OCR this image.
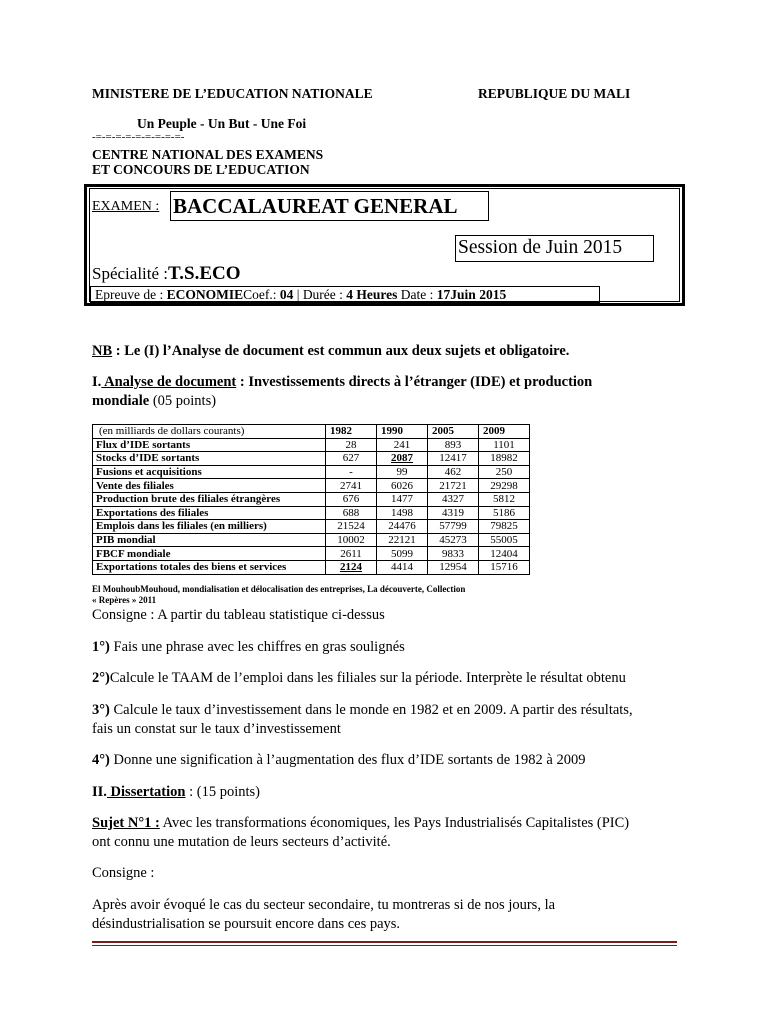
MINISTERE DE L’EDUCATION NATIONALE	REPUBLIQUE DU MALI
Un Peuple - Un But - Une Foi
-=-=-=-=-=-=-=-=-=-
CENTRE NATIONAL DES EXAMENS
ET CONCOURS DE L’EDUCATION
EXAMEN : BACCALAUREAT GENERAL
Session de Juin 2015
Spécialité :T.S.ECO
Epreuve de : ECONOMIECoef.: 04 | Durée : 4 Heures Date : 17Juin 2015
NB : Le (I) l’Analyse de document est commun aux deux sujets et obligatoire.
I. Analyse de document : Investissements directs à l’étranger (IDE) et production
mondiale (05 points)
(en milliards de dollars courants)	1982	1990	2005	2009
Flux d’IDE sortants	28	241	893	1101
Stocks d’IDE sortants	627	2087	12417	18982
Fusions et acquisitions	-	99	462	250
Vente des filiales	2741	6026	21721	29298
Production brute des filiales étrangères	676	1477	4327	5812
Exportations des filiales	688	1498	4319	5186
Emplois dans les filiales (en milliers)	21524	24476	57799	79825
PIB mondial	10002	22121	45273	55005
FBCF mondiale	2611	5099	9833	12404
Exportations totales des biens et services	2124	4414	12954	15716
El MouhoubMouhoud, mondialisation et délocalisation des entreprises, La découverte, Collection
« Repères » 2011
Consigne : A partir du tableau statistique ci-dessus
1°) Fais une phrase avec les chiffres en gras soulignés
2°)Calcule le TAAM de l’emploi dans les filiales sur la période. Interprète le résultat obtenu
3°) Calcule le taux d’investissement dans le monde en 1982 et en 2009. A partir des résultats,
fais un constat sur le taux d’investissement
4°) Donne une signification à l’augmentation des flux d’IDE sortants de 1982 à 2009
II. Dissertation : (15 points)
Sujet N°1 : Avec les transformations économiques, les Pays Industrialisés Capitalistes (PIC)
ont connu une mutation de leurs secteurs d’activité.
Consigne :
Après avoir évoqué le cas du secteur secondaire, tu montreras si de nos jours, la
désindustrialisation se poursuit encore dans ces pays.
